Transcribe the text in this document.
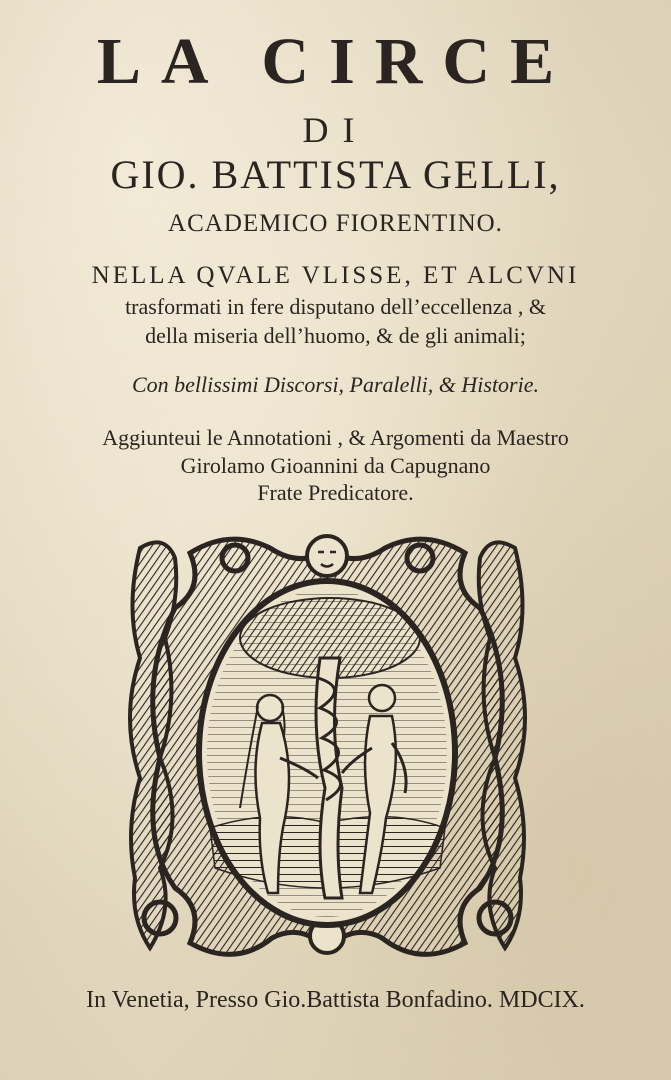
LA CIRCE
DI
GIO. BATTISTA GELLI,
ACADEMICO FIORENTINO.
NELLA QVALE VLISSE, ET ALCVNI
trasformati in fere disputano dell’eccellenza , &
della miseria dell’huomo, & de gli animali;
Con bellissimi Discorsi, Paralelli, & Historie.
Aggiunteui le Annotationi , & Argomenti da Maestro
Girolamo Gioannini da Capugnano
Frate Predicatore.
In Venetia, Presso Gio.Battista Bonfadino. MDCIX.
